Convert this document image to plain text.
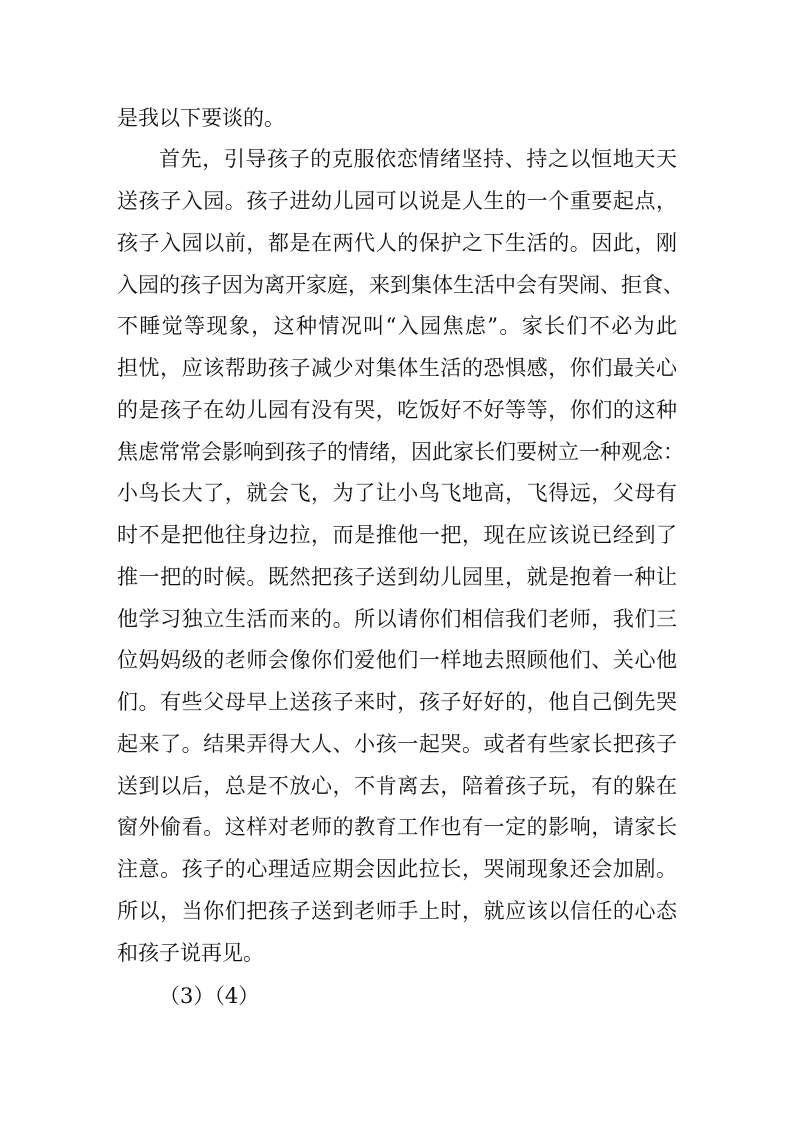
是我以下要谈的。
首先，引导孩子的克服依恋情绪坚持、持之以恒地天天
送孩子入园。孩子进幼儿园可以说是人生的一个重要起点，
孩子入园以前，都是在两代人的保护之下生活的。因此，刚
入园的孩子因为离开家庭，来到集体生活中会有哭闹、拒食、
不睡觉等现象，这种情况叫“入园焦虑”。家长们不必为此
担忧，应该帮助孩子减少对集体生活的恐惧感，你们最关心
的是孩子在幼儿园有没有哭，吃饭好不好等等，你们的这种
焦虑常常会影响到孩子的情绪，因此家长们要树立一种观念：
小鸟长大了，就会飞，为了让小鸟飞地高，飞得远，父母有
时不是把他往身边拉，而是推他一把，现在应该说已经到了
推一把的时候。既然把孩子送到幼儿园里，就是抱着一种让
他学习独立生活而来的。所以请你们相信我们老师，我们三
位妈妈级的老师会像你们爱他们一样地去照顾他们、关心他
们。有些父母早上送孩子来时，孩子好好的，他自己倒先哭
起来了。结果弄得大人、小孩一起哭。或者有些家长把孩子
送到以后，总是不放心，不肯离去，陪着孩子玩，有的躲在
窗外偷看。这样对老师的教育工作也有一定的影响，请家长
注意。孩子的心理适应期会因此拉长，哭闹现象还会加剧。
所以，当你们把孩子送到老师手上时，就应该以信任的心态
和孩子说再见。
（3）（4）
